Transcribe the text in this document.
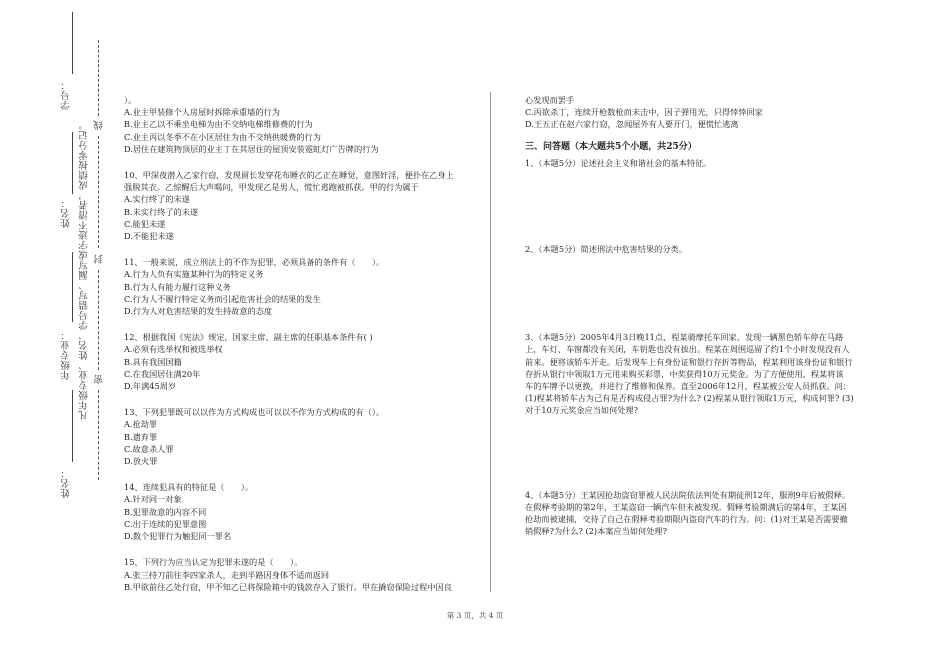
学号：
姓名：
年级专业：
姓名：
凡年级专业、姓名、学号错写、漏写或字迹不清者，成绩按零分记。 线
封
密

）。

A.业主甲装修个人房屋时拆除承重墙的行为

B.业主乙以不乘坐电梯为由不交纳电梯维修费的行为

C.业主丙以冬季不在小区居住为由不交纳供暖费的行为

D.居住在建筑物顶层的业主丁在其居住的屋顶安装霓虹灯广告牌的行为

10、甲深夜潜入乙家行窃，发现留长发穿花布睡衣的乙正在睡觉，意图奸淫，便扑在乙身上

强脱其衣。乙惊醒后大声喝问，甲发现乙是男人，慌忙逃跑被抓获。甲的行为属于

A.实行终了的未遂

B.未实行终了的未遂

C.能犯未遂

D.不能犯未遂

11、一般来说，成立刑法上的不作为犯罪，必须具备的条件有（　　）。

A.行为人负有实施某种行为的特定义务

B.行为人有能力履行这种义务

C.行为人不履行特定义务而引起危害社会的结果的发生

D.行为人对危害结果的发生持故意的态度

12、根据我国《宪法》规定，国家主席、副主席的任职基本条件有( )

A.必须有选举权和被选举权

B.具有我国国籍

C.在我国居住满20年

D.年满45周岁

13、下列犯罪既可以以作为方式构成也可以以不作为方式构成的有（）。

A.抢劫罪

B.遗弃罪

C.故意杀人罪

D.放火罪

14、连续犯具有的特征是（　　）。

A.针对同一对象

B.犯罪故意的内容不同

C.出于连续的犯罪意图

D.数个犯罪行为触犯同一罪名

15、下列行为应当认定为犯罪未遂的是（　　）。

A.张三持刀前往李四家杀人，走到半路因身体不适而返回

B.甲欲前往乙处行窃，甲不知乙已将保险箱中的钱款存入了银行。甲在撬窃保险过程中因良

心发现而罢手

C.丙欲杀丁，连续开枪数枪而未击中，因子弹用光，只得悻悻回家

D.王五正在赵六家行窃，忽闻屋外有人要开门，便慌忙逃离

三、问答题（本大题共5个小题，共25分）

1、（本题5分）论述社会主义和谐社会的基本特征。

2、（本题5分）简述刑法中危害结果的分类。

3、（本题5分）2005年4月3日晚11点，程某骑摩托车回家，发现一辆黑色轿车停在马路

上，车灯、车窗都没有关闭，车钥匙也没有拔出。程某在周围巡留了约1个小时发现没有人

前来。便将该轿车开走。后发现车上有身份证和银行存折等物品，程某利用该身份证和银行

存折从银行中领取1万元用来购买彩票，中奖获得10万元奖金。为了方便使用，程某将该

车的车牌予以更换，并进行了维修和保养。直至2006年12月，程某被公安人员抓获。问：

(1)程某将轿车占为己有是否构成侵占罪?为什么? (2)程某从银行领取1万元，构成何罪? (3)

对于10万元奖金应当如何处理?

4、（本题5分）王某因抢劫盗窃罪被人民法院依法判处有期徒刑12年，服刑9年后被假释。

在假释考验期的第2年，王某盗窃一辆汽车但未被发现。假释考验期满后的第4年，王某因

抢劫而被逮捕，交待了自己在假释考验期限内盗窃汽车的行为。问：(1)对王某是否需要撤

销假释?为什么? (2)本案应当如何处理?

第 3 页，共 4 页
